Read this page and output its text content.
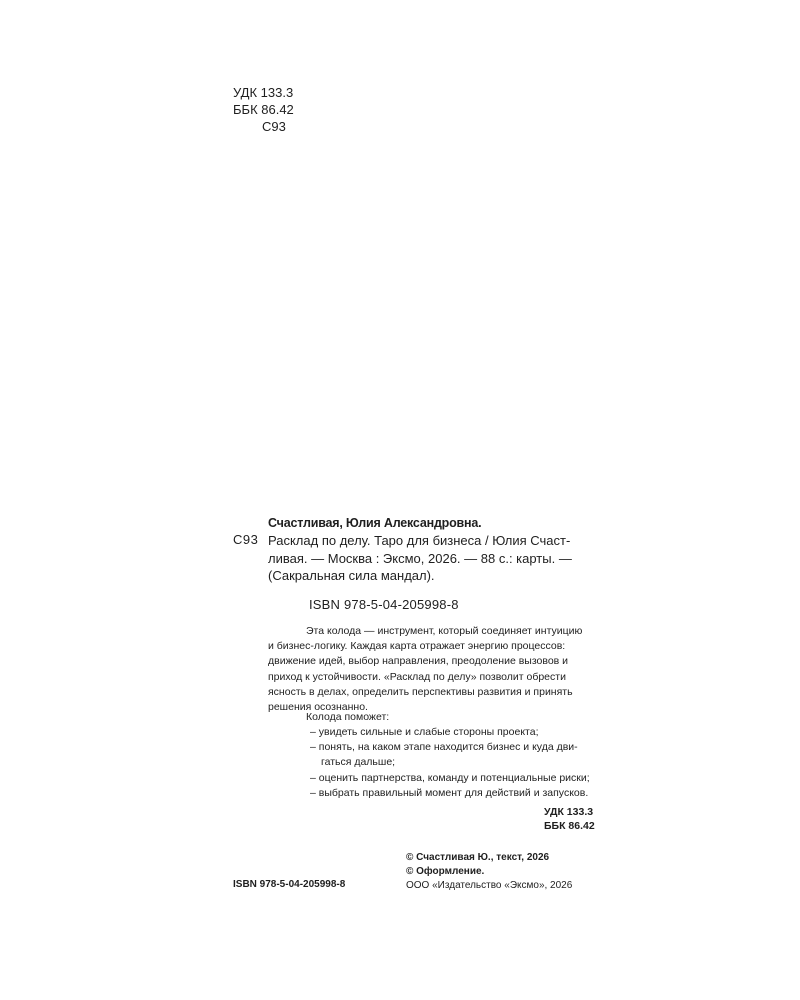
УДК 133.3
ББК 86.42
С93
Счастливая, Юлия Александровна.
С93 Расклад по делу. Таро для бизнеса / Юлия Счаст-
ливая. — Москва : Эксмо, 2026. — 88 с.: карты. —
(Сакральная сила мандал).
ISBN 978-5-04-205998-8
Эта колода — инструмент, который соединяет интуицию
и бизнес-логику. Каждая карта отражает энергию процессов:
движение идей, выбор направления, преодоление вызовов и
приход к устойчивости. «Расклад по делу» позволит обрести
ясность в делах, определить перспективы развития и принять
решения осознанно.
Колода поможет:
– увидеть сильные и слабые стороны проекта;
– понять, на каком этапе находится бизнес и куда дви-
гаться дальше;
– оценить партнерства, команду и потенциальные риски;
– выбрать правильный момент для действий и запусков.
УДК 133.3
ББК 86.42
© Счастливая Ю., текст, 2026
© Оформление.
ООО «Издательство «Эксмо», 2026
ISBN 978-5-04-205998-8
